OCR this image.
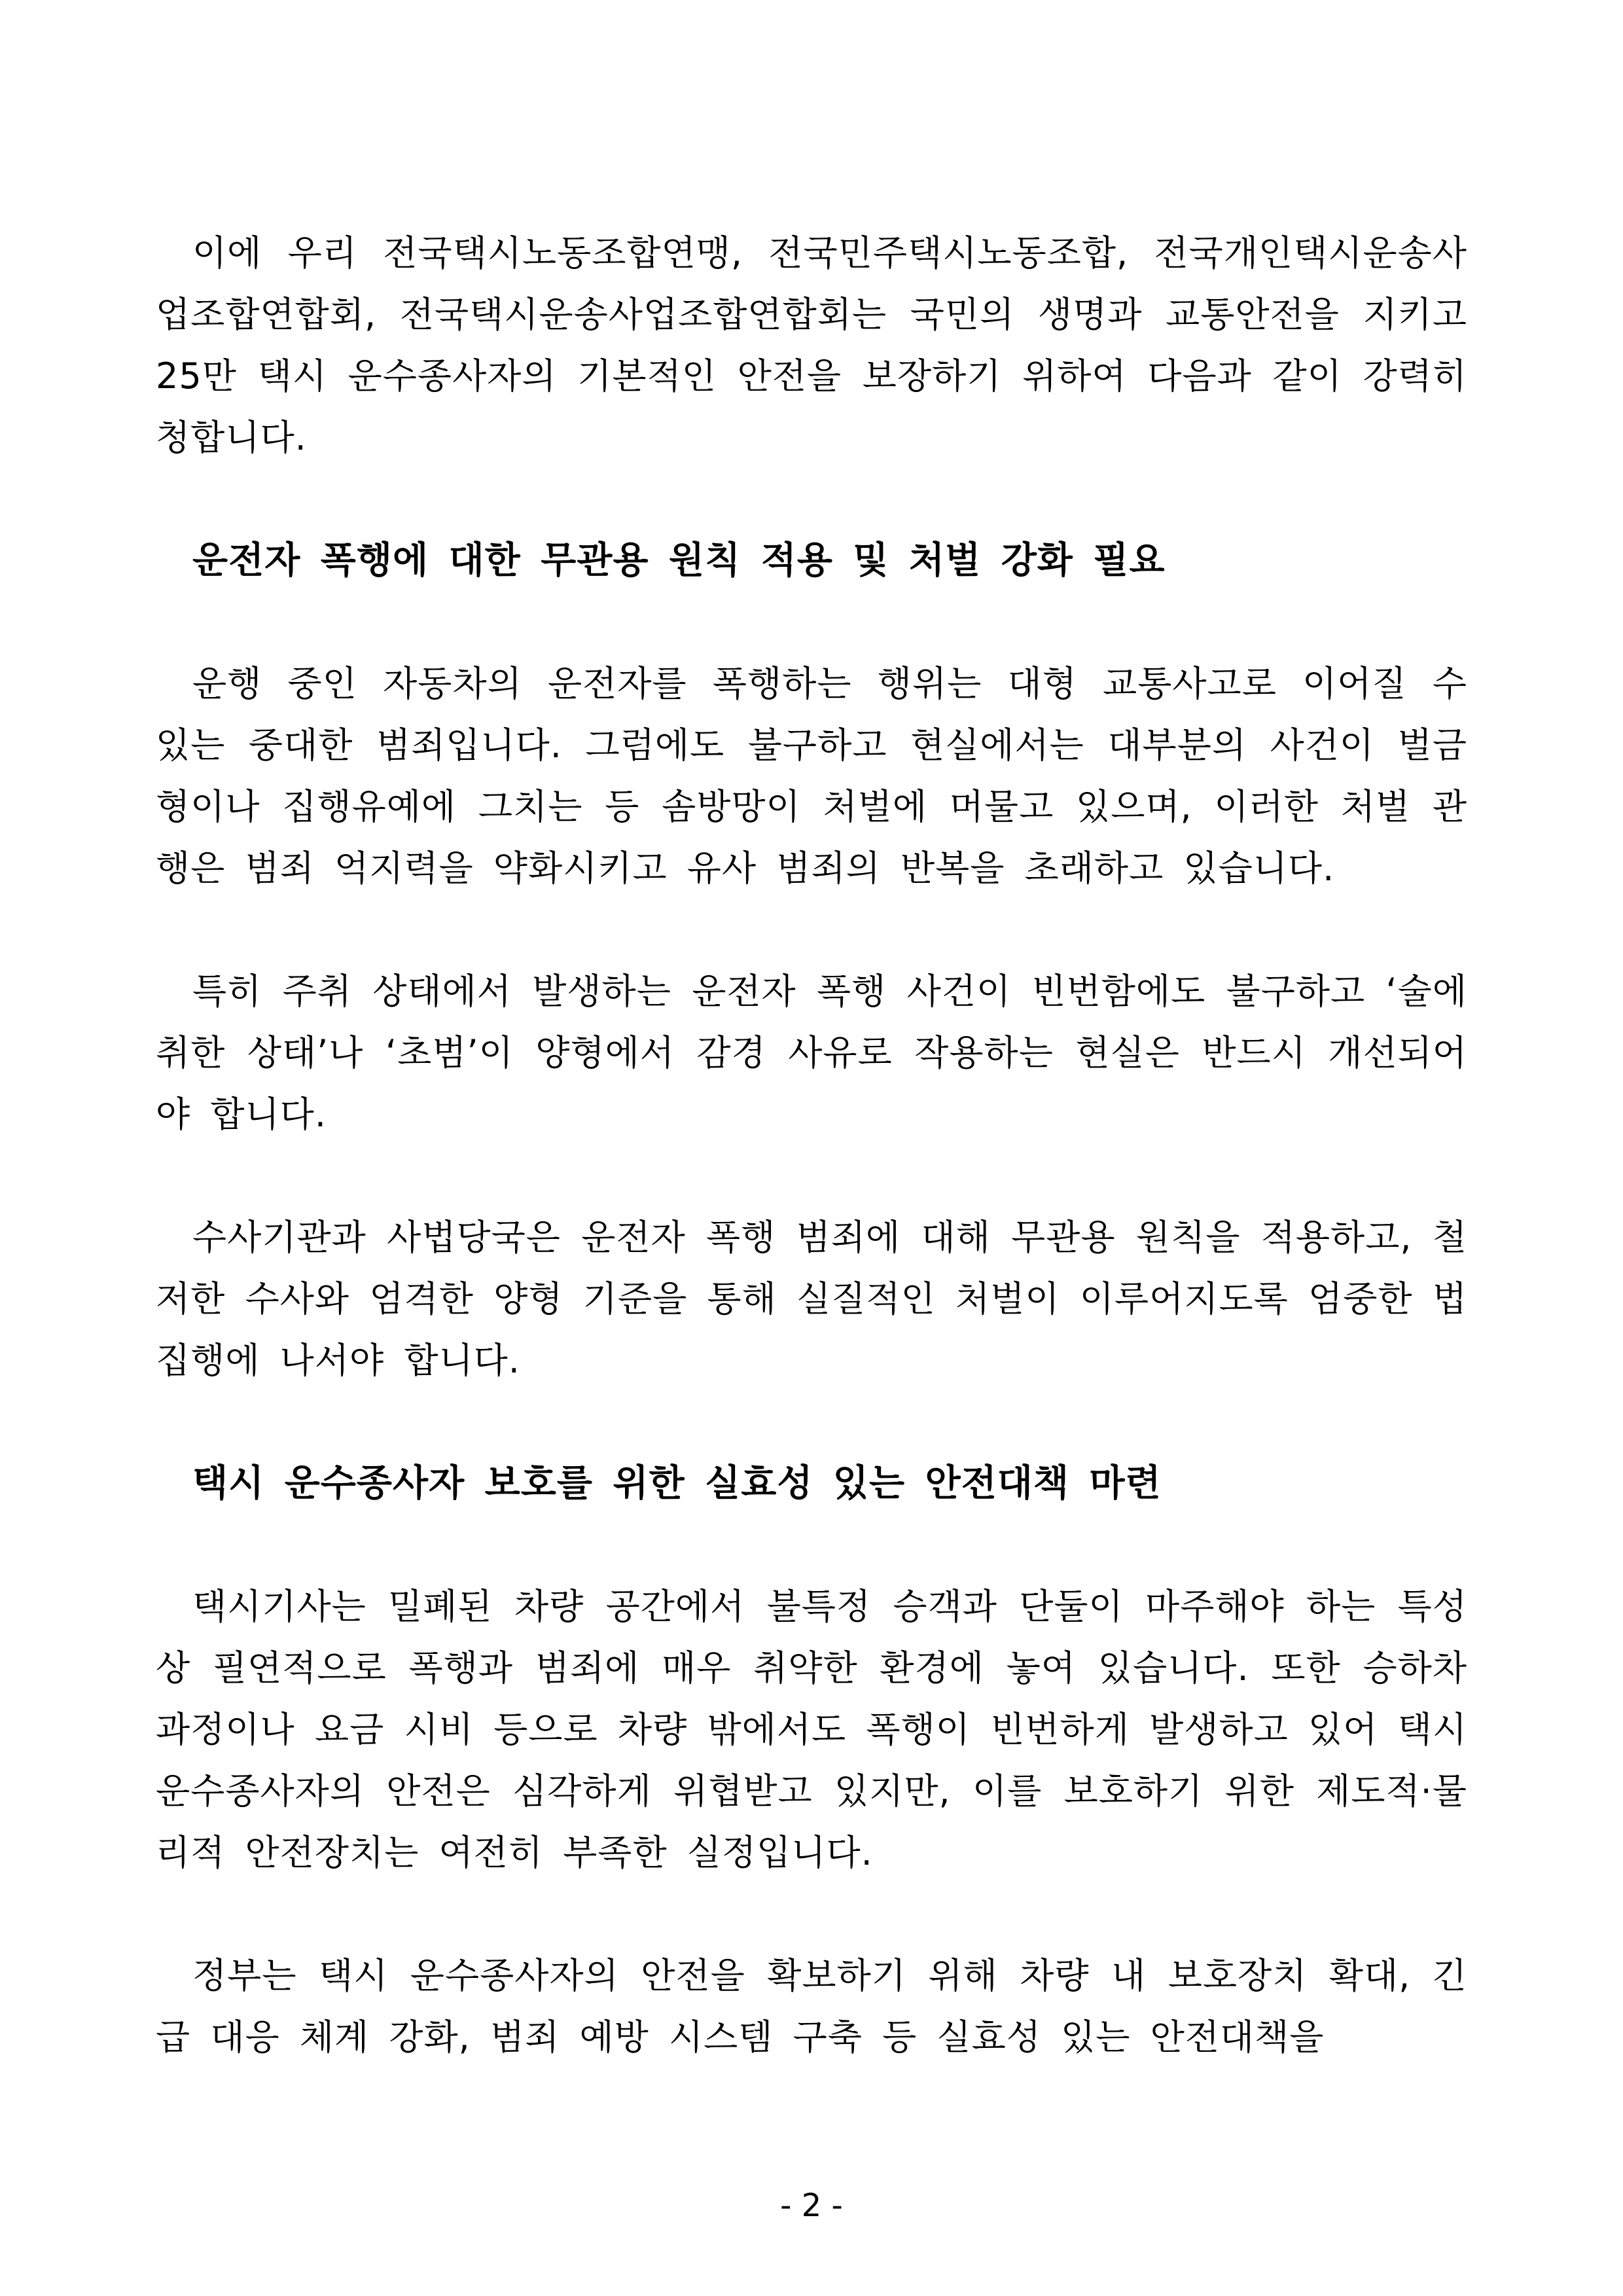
이에 우리 전국택시노동조합연맹, 전국민주택시노동조합, 전국개인택시운송사업조합연합회, 전국택시운송사업조합연합회는 국민의 생명과 교통안전을 지키고 25만 택시 운수종사자의 기본적인 안전을 보장하기 위하여 다음과 같이 강력히 청합니다.

운전자 폭행에 대한 무관용 원칙 적용 및 처벌 강화 필요

운행 중인 자동차의 운전자를 폭행하는 행위는 대형 교통사고로 이어질 수 있는 중대한 범죄입니다. 그럼에도 불구하고 현실에서는 대부분의 사건이 벌금형이나 집행유예에 그치는 등 솜방망이 처벌에 머물고 있으며, 이러한 처벌 관행은 범죄 억지력을 약화시키고 유사 범죄의 반복을 초래하고 있습니다.

특히 주취 상태에서 발생하는 운전자 폭행 사건이 빈번함에도 불구하고 ‘술에 취한 상태’나 ‘초범’이 양형에서 감경 사유로 작용하는 현실은 반드시 개선되어야 합니다.

수사기관과 사법당국은 운전자 폭행 범죄에 대해 무관용 원칙을 적용하고, 철저한 수사와 엄격한 양형 기준을 통해 실질적인 처벌이 이루어지도록 엄중한 법 집행에 나서야 합니다.

택시 운수종사자 보호를 위한 실효성 있는 안전대책 마련

택시기사는 밀폐된 차량 공간에서 불특정 승객과 단둘이 마주해야 하는 특성상 필연적으로 폭행과 범죄에 매우 취약한 환경에 놓여 있습니다. 또한 승하차 과정이나 요금 시비 등으로 차량 밖에서도 폭행이 빈번하게 발생하고 있어 택시 운수종사자의 안전은 심각하게 위협받고 있지만, 이를 보호하기 위한 제도적·물리적 안전장치는 여전히 부족한 실정입니다.

정부는 택시 운수종사자의 안전을 확보하기 위해 차량 내 보호장치 확대, 긴급 대응 체계 강화, 범죄 예방 시스템 구축 등 실효성 있는 안전대책을

- 2 -
